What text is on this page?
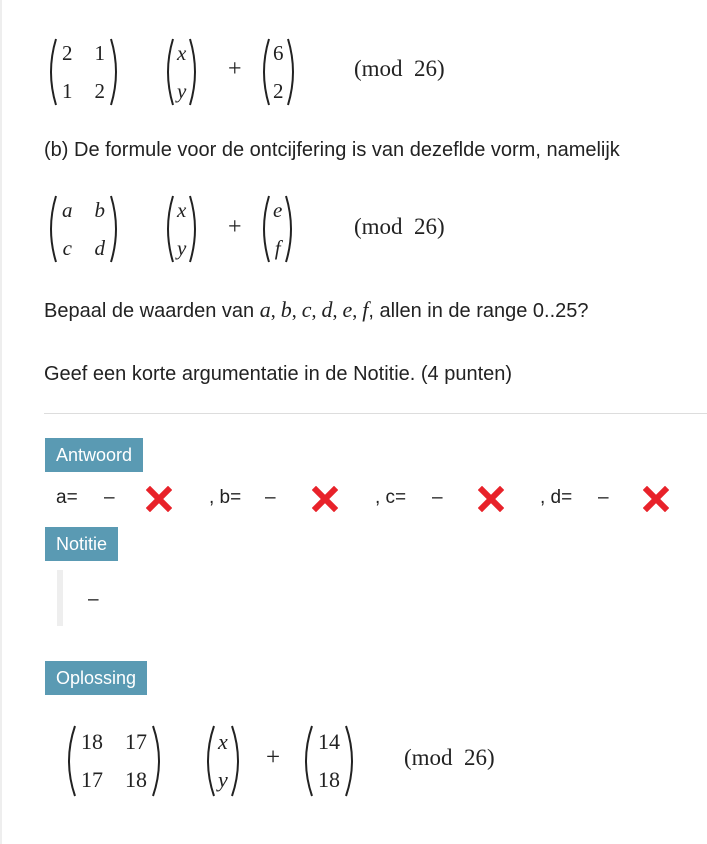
2 1
1 2
x
y
+
6
2
(mod  26)
(b) De formule voor de ontcijfering is van dezeflde vorm, namelijk
a b
c d
x
y
+
e
f
(mod  26)
Bepaal de waarden van a, b, c, d, e, f, allen in de range 0..25?
Geef een korte argumentatie in de Notitie. (4 punten)
Antwoord
a= –	, b= –	, c= –	, d= –
Notitie
–
Oplossing
18 17
17 18
x
y
+
14
18
(mod  26)
